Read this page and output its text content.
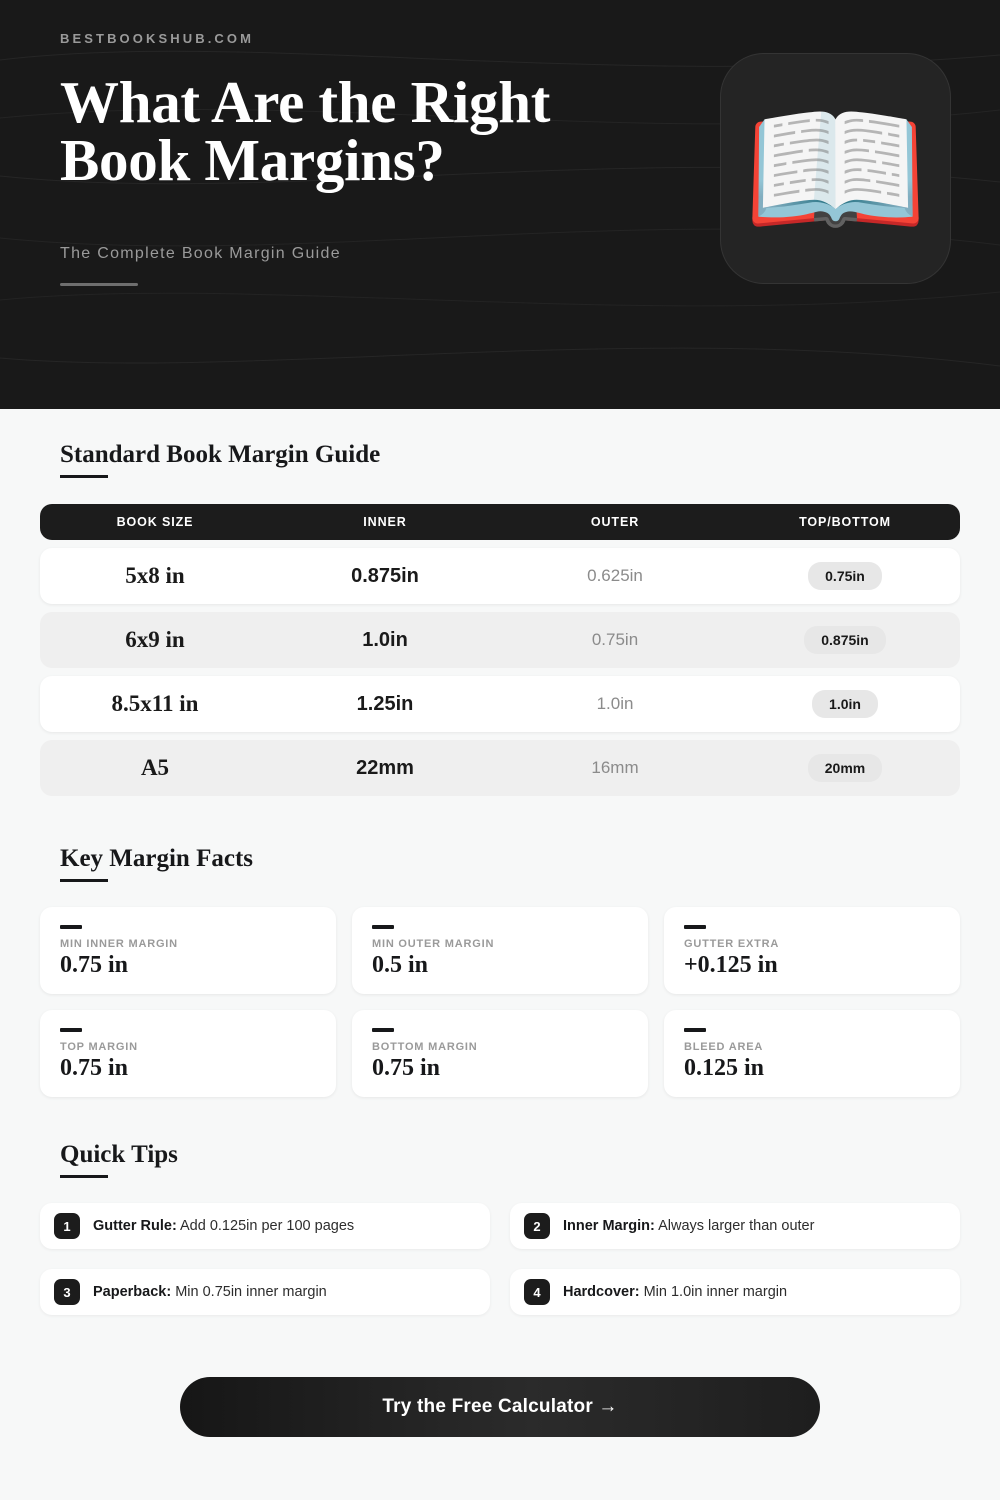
BESTBOOKSHUB.COM
What Are the Right Book Margins?
The Complete Book Margin Guide
📖
Standard Book Margin Guide
BOOK SIZE	INNER	OUTER	TOP/BOTTOM
5x8 in	0.875in	0.625in	0.75in
6x9 in	1.0in	0.75in	0.875in
8.5x11 in	1.25in	1.0in	1.0in
A5	22mm	16mm	20mm
Key Margin Facts
MIN INNER MARGIN
0.75 in
MIN OUTER MARGIN
0.5 in
GUTTER EXTRA
+0.125 in
TOP MARGIN
0.75 in
BOTTOM MARGIN
0.75 in
BLEED AREA
0.125 in
Quick Tips
1	Gutter Rule: Add 0.125in per 100 pages	2	Inner Margin: Always larger than outer
3	Paperback: Min 0.75in inner margin	4	Hardcover: Min 1.0in inner margin
Try the Free Calculator →
